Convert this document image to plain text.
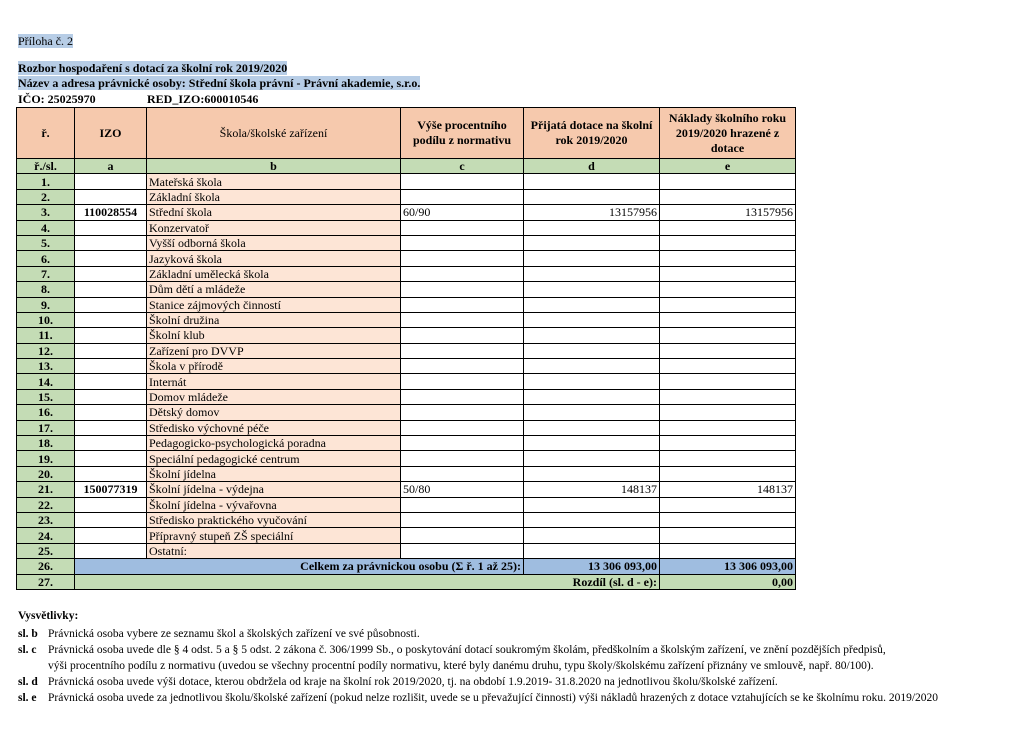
Příloha č. 2
Rozbor hospodaření s dotací za školní rok 2019/2020
Název a adresa právnické osoby: Střední škola právní - Právní akademie, s.r.o.
IČO: 25025970	RED_IZO:600010546
ř.	IZO	Škola/školské zařízení	Výše procentního podílu z normativu	Přijatá dotace na školní rok 2019/2020	Náklady školního roku 2019/2020 hrazené z dotace
ř./sl.	a	b	c	d	e
1.		Mateřská škola			
2.		Základní škola			
3.	110028554	Střední škola	60/90	13157956	13157956
4.		Konzervatoř			
5.		Vyšší odborná škola			
6.		Jazyková škola			
7.		Základní umělecká škola			
8.		Dům dětí a mládeže			
9.		Stanice zájmových činností			
10.		Školní družina			
11.		Školní klub			
12.		Zařízení pro DVVP			
13.		Škola v přírodě			
14.		Internát			
15.		Domov mládeže			
16.		Dětský domov			
17.		Středisko výchovné péče			
18.		Pedagogicko-psychologická poradna			
19.		Speciální pedagogické centrum			
20.		Školní jídelna			
21.	150077319	Školní jídelna - výdejna	50/80	148137	148137
22.		Školní jídelna - vývařovna			
23.		Středisko praktického vyučování			
24.		Přípravný stupeň ZŠ speciální			
25.		Ostatní:			
26.	Celkem za právnickou osobu (Σ ř. 1 až 25):			13 306 093,00	13 306 093,00
27.	Rozdíl (sl. d - e):				0,00
Vysvětlivky:
sl. b Právnická osoba vybere ze seznamu škol a školských zařízení ve své působnosti.
sl. c Právnická osoba uvede dle § 4 odst. 5 a § 5 odst. 2 zákona č. 306/1999 Sb., o poskytování dotací soukromým školám, předškolním a školským zařízení, ve znění pozdějších předpisů,
výši procentního podílu z normativu (uvedou se všechny procentní podíly normativu, které byly danému druhu, typu školy/školskému zařízení přiznány ve smlouvě, např. 80/100).
sl. d Právnická osoba uvede výši dotace, kterou obdržela od kraje na školní rok 2019/2020, tj. na období 1.9.2019- 31.8.2020 na jednotlivou školu/školské zařízení.
sl. e Právnická osoba uvede za jednotlivou školu/školské zařízení (pokud nelze rozlišit, uvede se u převažující činnosti) výši nákladů hrazených z dotace vztahujících se ke školnímu roku. 2019/2020
